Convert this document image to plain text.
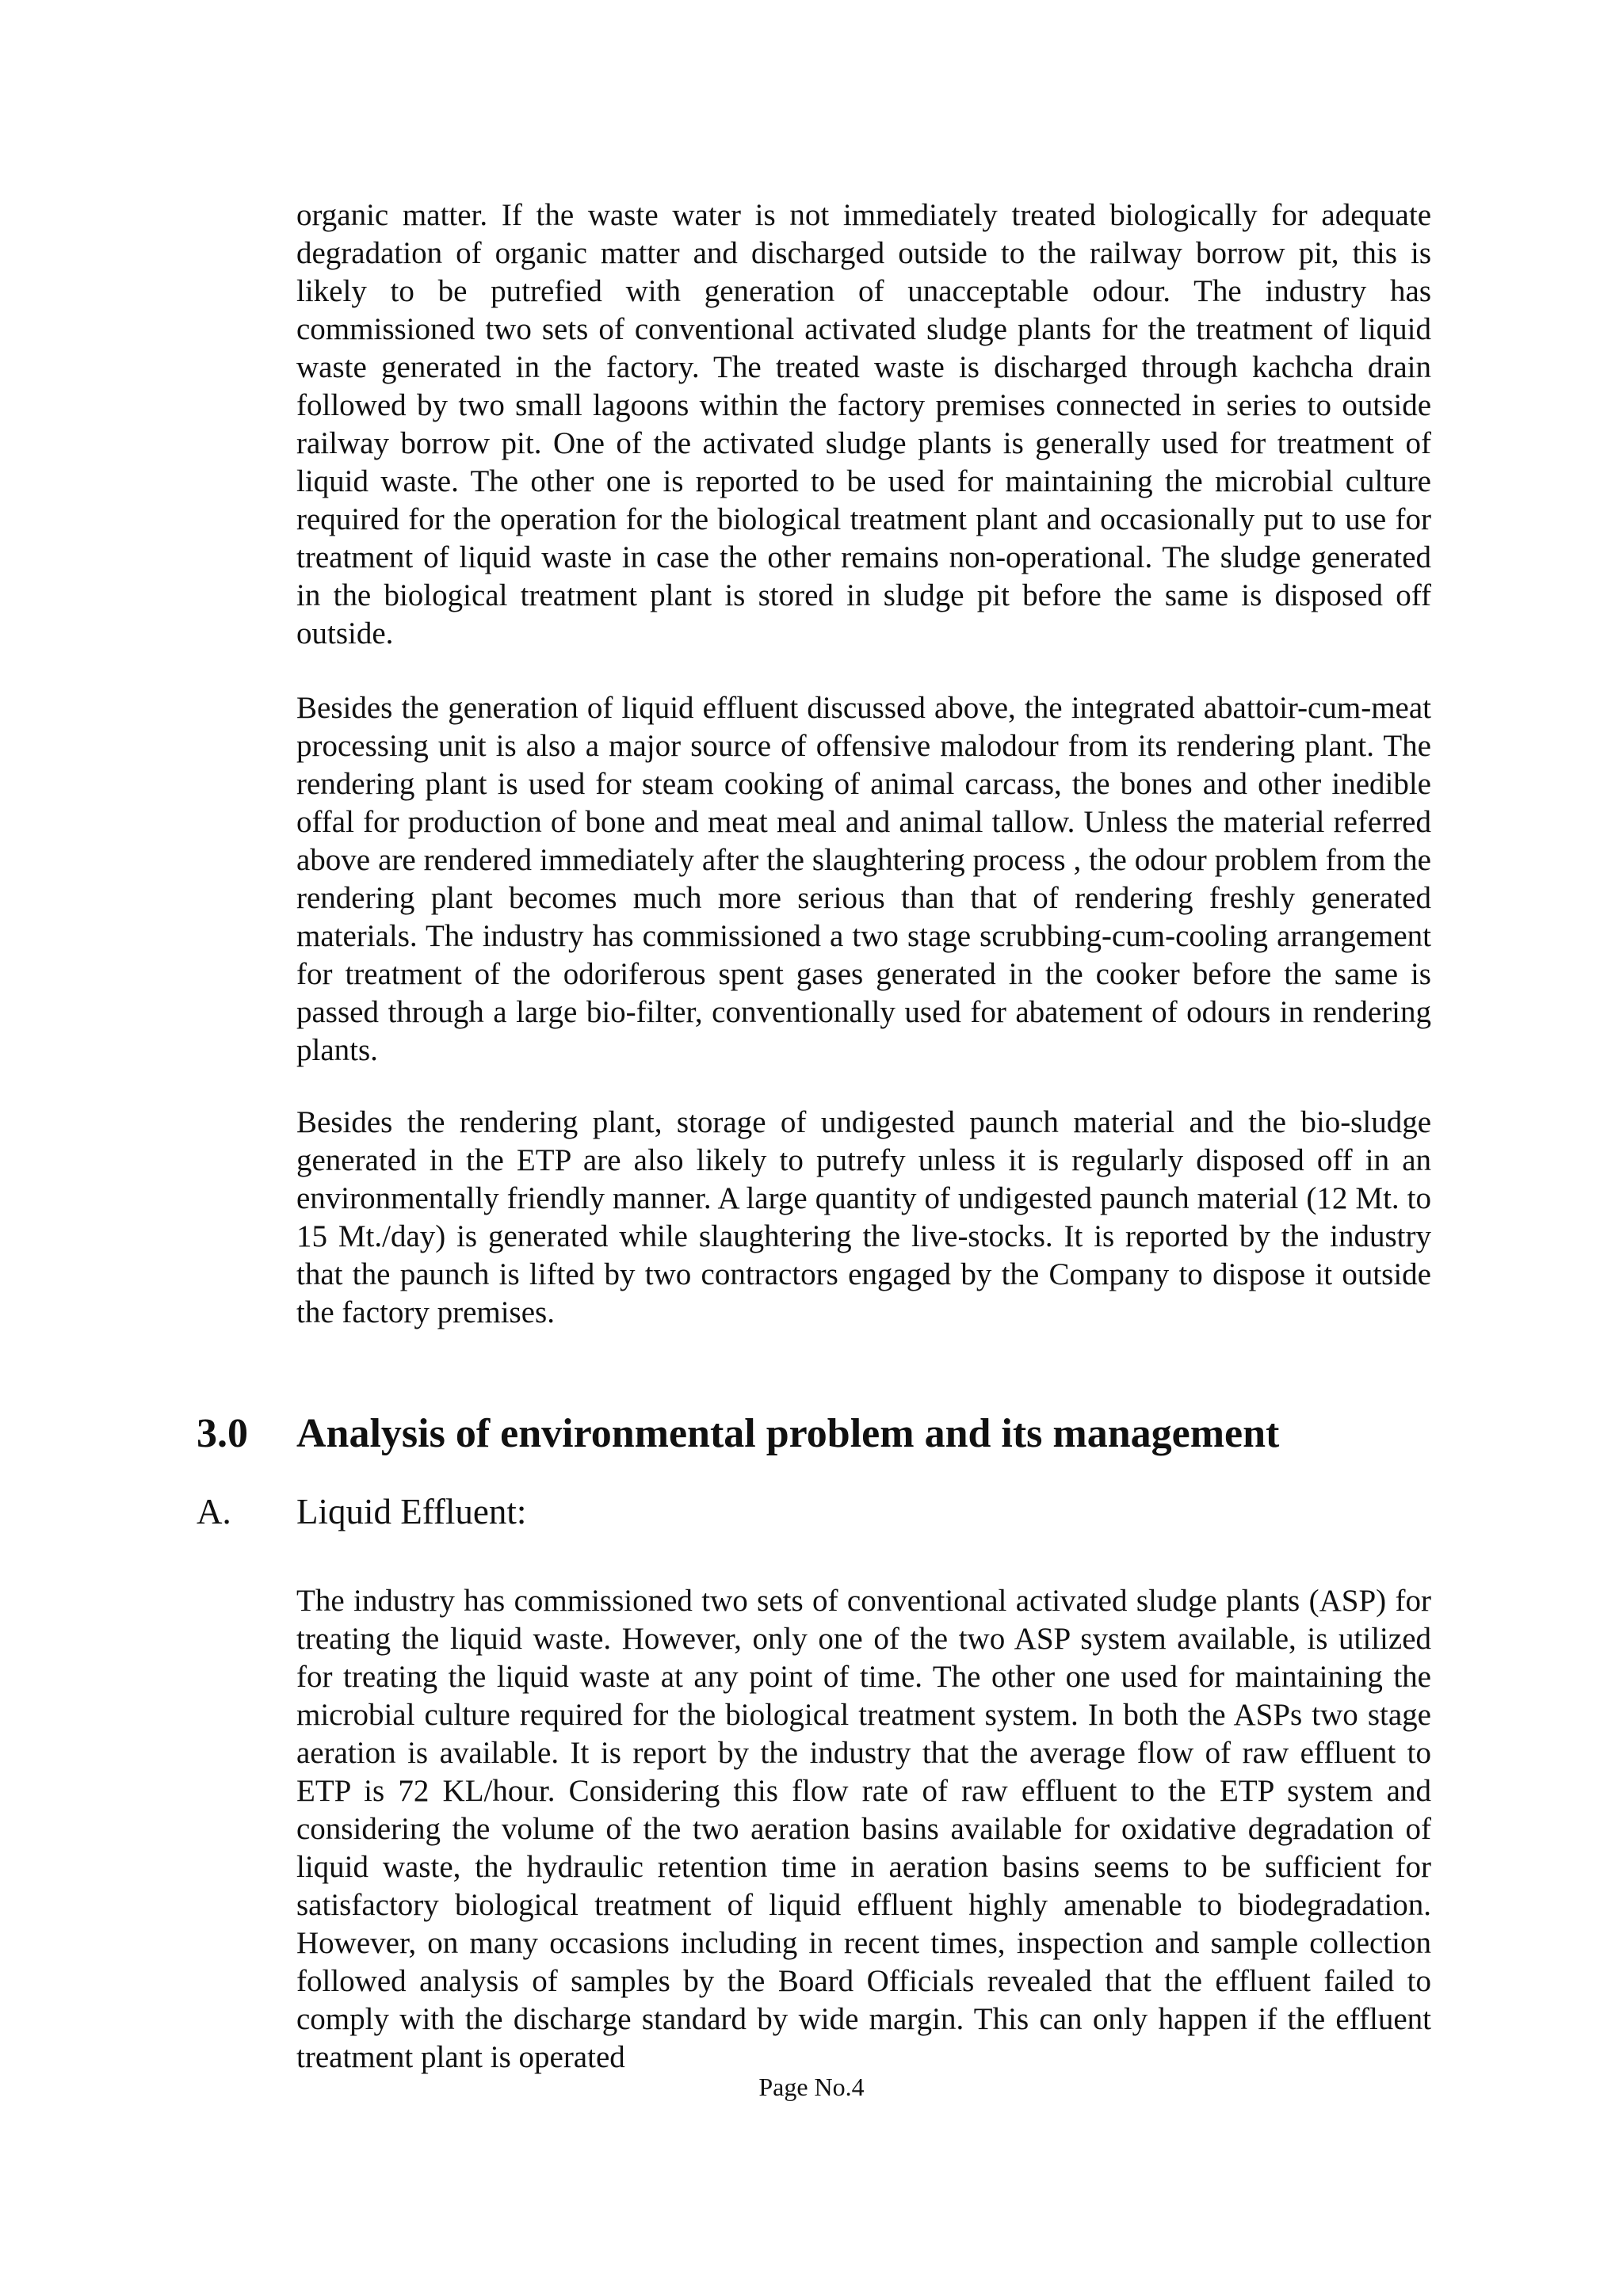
organic matter. If the waste water is not immediately treated biologically for adequate degradation of organic matter and discharged outside to the railway borrow pit, this is likely to be putrefied with generation of unacceptable odour. The industry has commissioned two sets of conventional activated sludge plants for the treatment of liquid waste generated in the factory. The treated waste is discharged through kachcha drain followed by two small lagoons within the factory premises connected in series to outside railway borrow pit. One of the activated sludge plants is generally used for treatment of liquid waste. The other one is reported to be used for maintaining the microbial culture required for the operation for the biological treatment plant and occasionally put to use for treatment of liquid waste in case the other remains non-operational. The sludge generated in the biological treatment plant is stored in sludge pit before the same is disposed off outside.

Besides the generation of liquid effluent discussed above, the integrated abattoir-cum-meat processing unit is also a major source of offensive malodour from its rendering plant. The rendering plant is used for steam cooking of animal carcass, the bones and other inedible offal for production of bone and meat meal and animal tallow. Unless the material referred above are rendered immediately after the slaughtering process , the odour problem from the rendering plant becomes much more serious than that of rendering freshly generated materials. The industry has commissioned a two stage scrubbing-cum-cooling arrangement for treatment of the odoriferous spent gases generated in the cooker before the same is passed through a large bio-filter, conventionally used for abatement of odours in rendering plants.

Besides the rendering plant, storage of undigested paunch material and the bio-sludge generated in the ETP are also likely to putrefy unless it is regularly disposed off in an environmentally friendly manner. A large quantity of undigested paunch material (12 Mt. to 15 Mt./day) is generated while slaughtering the live-stocks. It is reported by the industry that the paunch is lifted by two contractors engaged by the Company to dispose it outside the factory premises.

3.0	Analysis of environmental problem and its management
A.	Liquid Effluent:

The industry has commissioned two sets of conventional activated sludge plants (ASP) for treating the liquid waste. However, only one of the two ASP system available, is utilized for treating the liquid waste at any point of time. The other one used for maintaining the microbial culture required for the biological treatment system. In both the ASPs two stage aeration is available. It is report by the industry that the average flow of raw effluent to ETP is 72 KL/hour. Considering this flow rate of raw effluent to the ETP system and considering the volume of the two aeration basins available for oxidative degradation of liquid waste, the hydraulic retention time in aeration basins seems to be sufficient for satisfactory biological treatment of liquid effluent highly amenable to biodegradation. However, on many occasions including in recent times, inspection and sample collection followed analysis of samples by the Board Officials revealed that the effluent failed to comply with the discharge standard by wide margin. This can only happen if the effluent treatment plant is operated

Page No.4
